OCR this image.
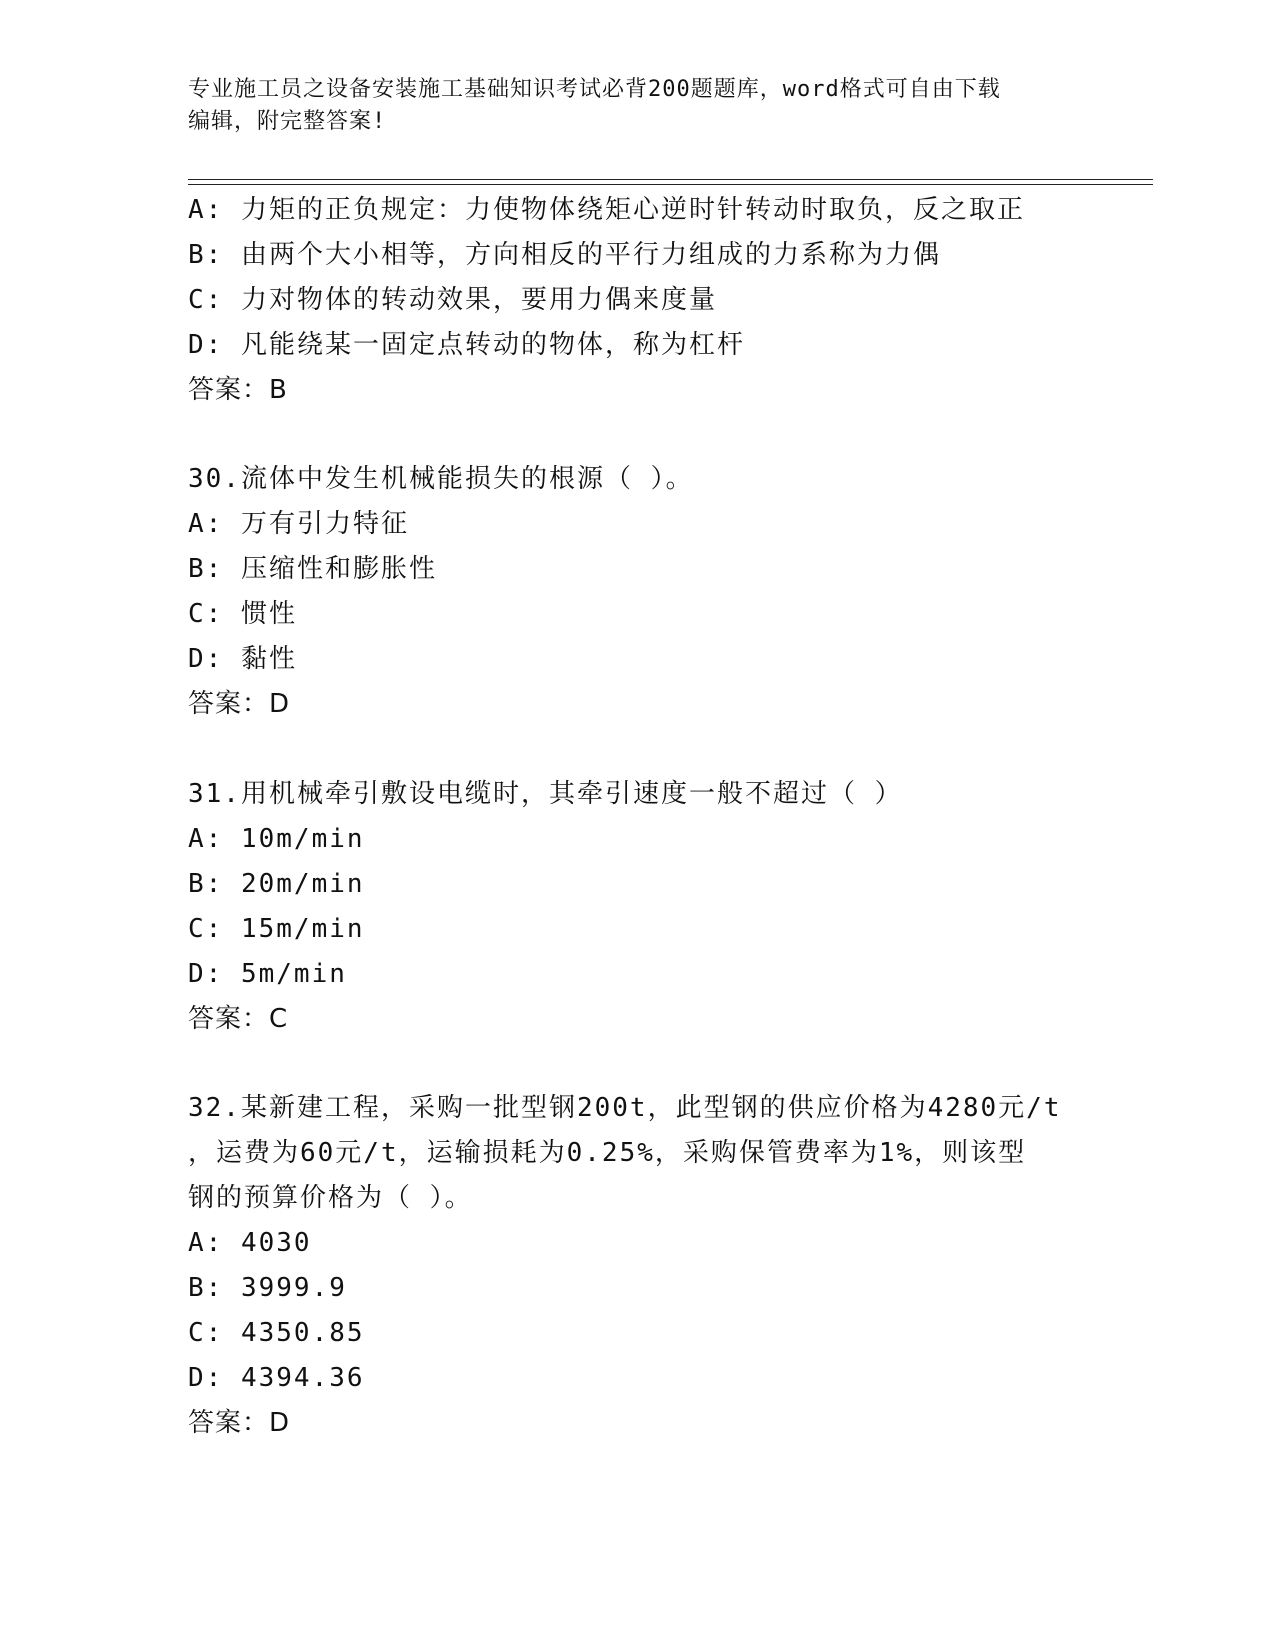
专业施工员之设备安装施工基础知识考试必背200题题库，word格式可自由下载
编辑，附完整答案!
A: 力矩的正负规定：力使物体绕矩心逆时针转动时取负，反之取正
B: 由两个大小相等，方向相反的平行力组成的力系称为力偶
C: 力对物体的转动效果，要用力偶来度量
D: 凡能绕某一固定点转动的物体，称为杠杆
答案：B
30.流体中发生机械能损失的根源（ ）。
A: 万有引力特征
B: 压缩性和膨胀性
C: 惯性
D: 黏性
答案：D
31.用机械牵引敷设电缆时，其牵引速度一般不超过（ ）
A: 10m/min
B: 20m/min
C: 15m/min
D: 5m/min
答案：C
32.某新建工程，采购一批型钢200t，此型钢的供应价格为4280元/t
，运费为60元/t，运输损耗为0.25%，采购保管费率为1%，则该型
钢的预算价格为（ ）。
A: 4030
B: 3999.9
C: 4350.85
D: 4394.36
答案：D
